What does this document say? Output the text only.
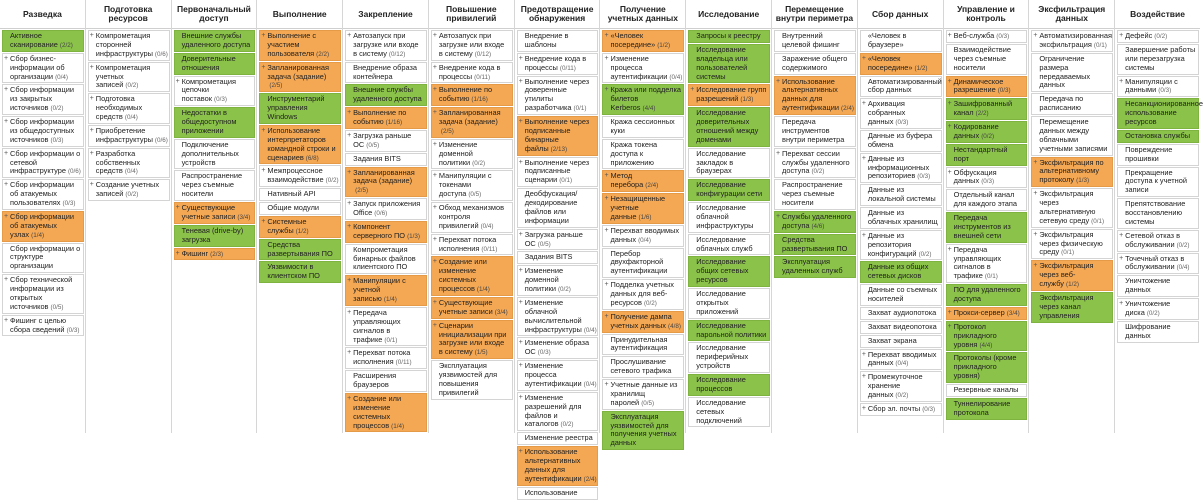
Разведка
Активное сканирование (2/2)
+ Сбор бизнес-информации об организации (0/4)
+ Сбор информации из закрытых источников (0/2)
+ Сбор информации из общедоступных источников (0/3)
+ Сбор информации о сетевой инфраструктуре (0/6)
+ Сбор информации об атакуемых пользователях (0/3)
+ Сбор информации об атакуемых узлах (1/4)
Сбор информации о структуре организации
+ Сбор технической информации из открытых источников (0/5)
+ Фишинг с целью сбора сведений (0/3)
Подготовка ресурсов
+ Компрометация сторонней инфраструктуры (0/6)
+ Компрометация учетных записей (0/2)
+ Подготовка необходимых средств (0/4)
+ Приобретение инфраструктуры (0/6)
+ Разработка собственных средств (0/4)
+ Создание учетных записей (0/2)
Первоначальный доступ
Внешние службы удаленного доступа
Доверительные отношения
+ Компрометация цепочки поставок (0/3)
Недостатки в общедоступном приложении
Подключение дополнительных устройств
Распространение через съемные носители
+ Существующие учетные записи (3/4)
Теневая (drive-by) загрузка
+ Фишинг (2/3)
Выполнение
+ Выполнение с участием пользователя (2/2)
+ Запланированная задача (задание)(2/5)
Инструментарий управления Windows
+ Использование интерпретаторов командной строки и сценариев (6/8)
+ Межпроцессное взаимодействие (0/2)
Нативный API
Общие модули
+ Системные службы (1/2)
Средства развертывания ПО
Уязвимости в клиентском ПО
Закрепление
+ Автозапуск при загрузке или входе в систему (0/12)
Внедрение образа контейнера
Внешние службы удаленного доступа
+ Выполнение по событию (1/16)
+ Загрузка раньше ОС (0/5)
Задания BITS
+ Запланированная задача (задание)(2/5)
+ Запуск приложения Office (0/6)
+ Компонент серверного ПО (1/3)
Компрометация бинарных файлов клиентского ПО
+ Манипуляции с учетной записью (1/4)
+ Передача управляющих сигналов в трафике (0/1)
+ Перехват потока исполнения (0/11)
Расширения браузеров
+ Создание или изменение системных процессов (1/4)
Повышение привилегий
+ Автозапуск при загрузке или входе в систему (0/12)
+ Внедрение кода в процессы (0/11)
+ Выполнение по событию (1/16)
+ Запланированная задача (задание)(2/5)
+ Изменение доменной политики (0/2)
+ Манипуляции с токенами доступа (0/5)
+ Обход механизмов контроля привилегий (0/4)
+ Перехват потока исполнения (0/11)
+ Создание или изменение системных процессов (1/4)
+ Существующие учетные записи (3/4)
+ Сценарии инициализации при загрузке или входе в систему (1/5)
Эксплуатация уязвимостей для повышения привилегий
Предотвращение обнаружения
Внедрение в шаблоны
+ Внедрение кода в процессы (0/11)
+ Выполнение через доверенные утилиты разработчика (0/1)
+ Выполнение через подписанные бинарные файлы (2/13)
+ Выполнение через подписанные сценарии (0/1)
Деобфускация/декодирование файлов или информации
+ Загрузка раньше ОС (0/5)
Задания BITS
+ Изменение доменной политики (0/2)
+ Изменение облачной вычислительной инфраструктуры (0/4)
+ Изменение образа ОС (0/3)
+ Изменение процесса аутентификации (0/4)
+ Изменение разрешений для файлов и каталогов (0/2)
Изменение реестра
+ Использование альтернативных данных для аутентификации (2/4)
Использование
Получение учетных данных
+ «Человек посередине» (1/2)
+ Изменение процесса аутентификации (0/4)
+ Кража или подделка билетов Kerberos (4/4)
Кража сессионных куки
Кража токена доступа к приложению
+ Метод перебора (2/4)
+ Незащищенные учетные данные (1/6)
+ Перехват вводимых данных (0/4)
Перебор двухфакторной аутентификации
+ Подделка учетных данных для веб-ресурсов (0/2)
+ Получение дампа учетных данных (4/8)
Принудительная аутентификация
Прослушивание сетевого трафика
+ Учетные данные из хранилищ паролей (0/5)
Эксплуатация уязвимостей для получения учетных данных
Исследование
Запросы к реестру
Исследование владельца или пользователей системы
+ Исследование групп разрешений (1/3)
Исследование доверительных отношений между доменами
Исследование закладок в браузерах
Исследование конфигурации сети
Исследование облачной инфраструктуры
Исследование облачных служб
Исследование общих сетевых ресурсов
Исследование открытых приложений
Исследование парольной политики
Исследование периферийных устройств
Исследование процессов
Исследование сетевых подключений
Перемещение внутри периметра
Внутренний целевой фишинг
Заражение общего содержимого
+ Использование альтернативных данных для аутентификации (2/4)
Передача инструментов внутри периметра
+ Перехват сессии службы удаленного доступа (0/2)
Распространение через съемные носители
+ Службы удаленного доступа (4/6)
Средства развертывания ПО
Эксплуатация удаленных служб
Сбор данных
«Человек в браузере»
+ «Человек посередине» (1/2)
Автоматизированный сбор данных
+ Архивация собранных данных (0/3)
Данные из буфера обмена
+ Данные из информационных репозиториев (0/3)
Данные из локальной системы
Данные из облачных хранилищ
+ Данные из репозитория конфигураций (0/2)
Данные из общих сетевых дисков
Данные со съемных носителей
Захват аудиопотока
Захват видеопотока
Захват экрана
+ Перехват вводимых данных (0/4)
+ Промежуточное хранение данных (0/2)
+ Сбор эл. почты (0/3)
Управление и контроль
+ Веб-служба (0/3)
Взаимодействие через съемные носители
+ Динамическое разрешение (0/3)
+ Зашифрованный канал (2/2)
+ Кодирование данных (0/2)
Нестандартный порт
+ Обфускация данных (0/3)
Отдельный канал для каждого этапа
Передача инструментов из внешней сети
+ Передача управляющих сигналов в трафике (0/1)
ПО для удаленного доступа
+ Прокси-сервер (3/4)
+ Протокол прикладного уровня (4/4)
Протоколы (кроме прикладного уровня)
Резервные каналы
Туннелирование протокола
Эксфильтрация данных
+ Автоматизированная эксфильтрация (0/1)
Ограничение размера передаваемых данных
Передача по расписанию
Перемещение данных между облачными учетными записями
+ Эксфильтрация по альтернативному протоколу (1/3)
+ Эксфильтрация через альтернативную сетевую среду (0/1)
+ Эксфильтрация через физическую среду (0/1)
+ Эксфильтрация через веб-службу (1/2)
Эксфильтрация через канал управления
Воздействие
+ Дефейс (0/2)
Завершение работы или перезагрузка системы
+ Манипуляции с данными (0/3)
Несанкционированное использование ресурсов
Остановка службы
Повреждение прошивки
Прекращение доступа к учетной записи
Препятствование восстановлению системы
+ Сетевой отказ в обслуживании (0/2)
+ Точечный отказ в обслуживании (0/4)
Уничтожение данных
+ Уничтожение диска (0/2)
Шифрование данных
